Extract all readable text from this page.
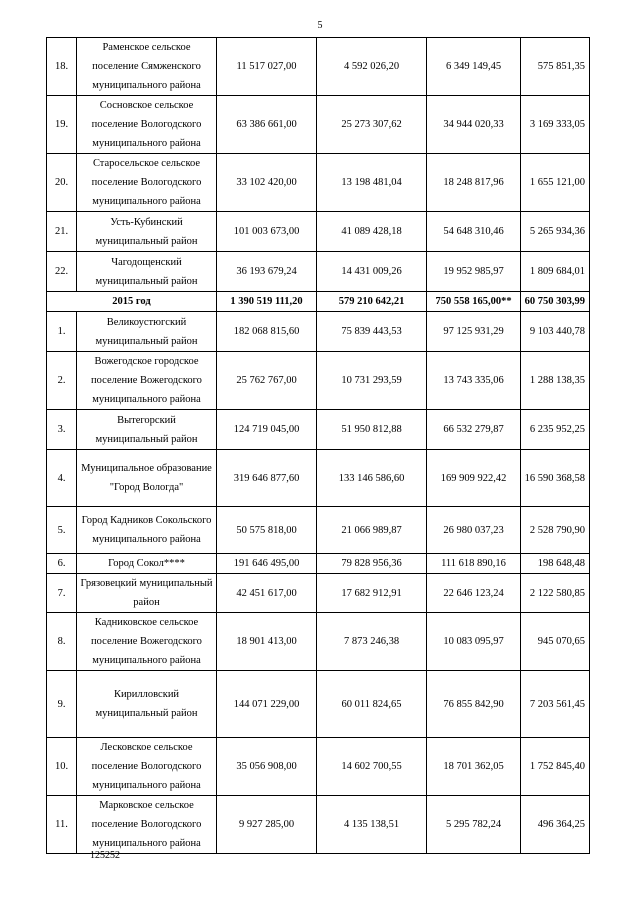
5
18.	Раменское сельское поселение Сямженского муниципального района	11 517 027,00	4 592 026,20	6 349 149,45	575 851,35
19.	Сосновское сельское поселение Вологодского муниципального района	63 386 661,00	25 273 307,62	34 944 020,33	3 169 333,05
20.	Старосельское сельское поселение Вологодского муниципального района	33 102 420,00	13 198 481,04	18 248 817,96	1 655 121,00
21.	Усть-Кубинский муниципальный район	101 003 673,00	41 089 428,18	54 648 310,46	5 265 934,36
22.	Чагодощенский муниципальный район	36 193 679,24	14 431 009,26	19 952 985,97	1 809 684,01
2015 год		1 390 519 111,20	579 210 642,21	750 558 165,00**	60 750 303,99
1.	Великоустюгский муниципальный район	182 068 815,60	75 839 443,53	97 125 931,29	9 103 440,78
2.	Вожегодское городское поселение Вожегодского муниципального района	25 762 767,00	10 731 293,59	13 743 335,06	1 288 138,35
3.	Вытегорский муниципальный район	124 719 045,00	51 950 812,88	66 532 279,87	6 235 952,25
4.	Муниципальное образование "Город Вологда"	319 646 877,60	133 146 586,60	169 909 922,42	16 590 368,58
5.	Город Кадников Сокольского муниципального района	50 575 818,00	21 066 989,87	26 980 037,23	2 528 790,90
6.	Город Сокол****	191 646 495,00	79 828 956,36	111 618 890,16	198 648,48
7.	Грязовецкий муниципальный район	42 451 617,00	17 682 912,91	22 646 123,24	2 122 580,85
8.	Кадниковское сельское поселение Вожегодского муниципального района	18 901 413,00	7 873 246,38	10 083 095,97	945 070,65
9.	Кирилловский муниципальный район	144 071 229,00	60 011 824,65	76 855 842,90	7 203 561,45
10.	Лесковское сельское поселение Вологодского муниципального района	35 056 908,00	14 602 700,55	18 701 362,05	1 752 845,40
11.	Марковское сельское поселение Вологодского муниципального района	9 927 285,00	4 135 138,51	5 295 782,24	496 364,25
125252
